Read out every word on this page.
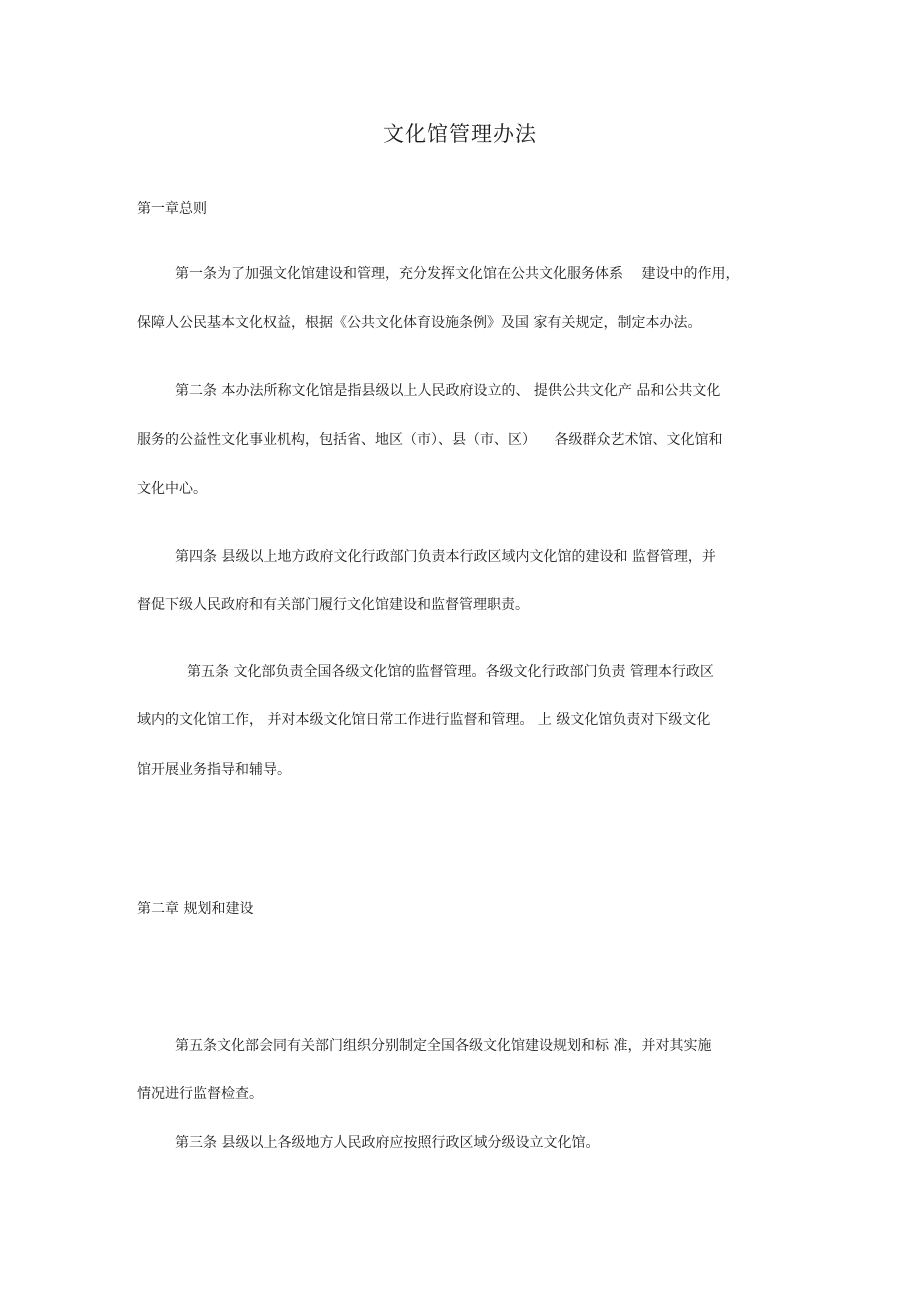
文化馆管理办法
第一章总则
第一条为了加强文化馆建设和管理，充分发挥文化馆在公共文化服务体系　 建设中的作用，
保障人公民基本文化权益，根据《公共文化体育设施条例》及国 家有关规定，制定本办法。
第二条 本办法所称文化馆是指县级以上人民政府设立的、 提供公共文化产 品和公共文化
服务的公益性文化事业机构，包括省、地区（市）、县（市、区） 　各级群众艺术馆、文化馆和
文化中心。
第四条 县级以上地方政府文化行政部门负责本行政区域内文化馆的建设和 监督管理，并
督促下级人民政府和有关部门履行文化馆建设和监督管理职责。
第五条 文化部负责全国各级文化馆的监督管理。各级文化行政部门负责 管理本行政区
域内的文化馆工作， 并对本级文化馆日常工作进行监督和管理。 上 级文化馆负责对下级文化
馆开展业务指导和辅导。
第二章 规划和建设
第五条文化部会同有关部门组织分别制定全国各级文化馆建设规划和标 准，并对其实施
情况进行监督检查。
第三条 县级以上各级地方人民政府应按照行政区域分级设立文化馆。
